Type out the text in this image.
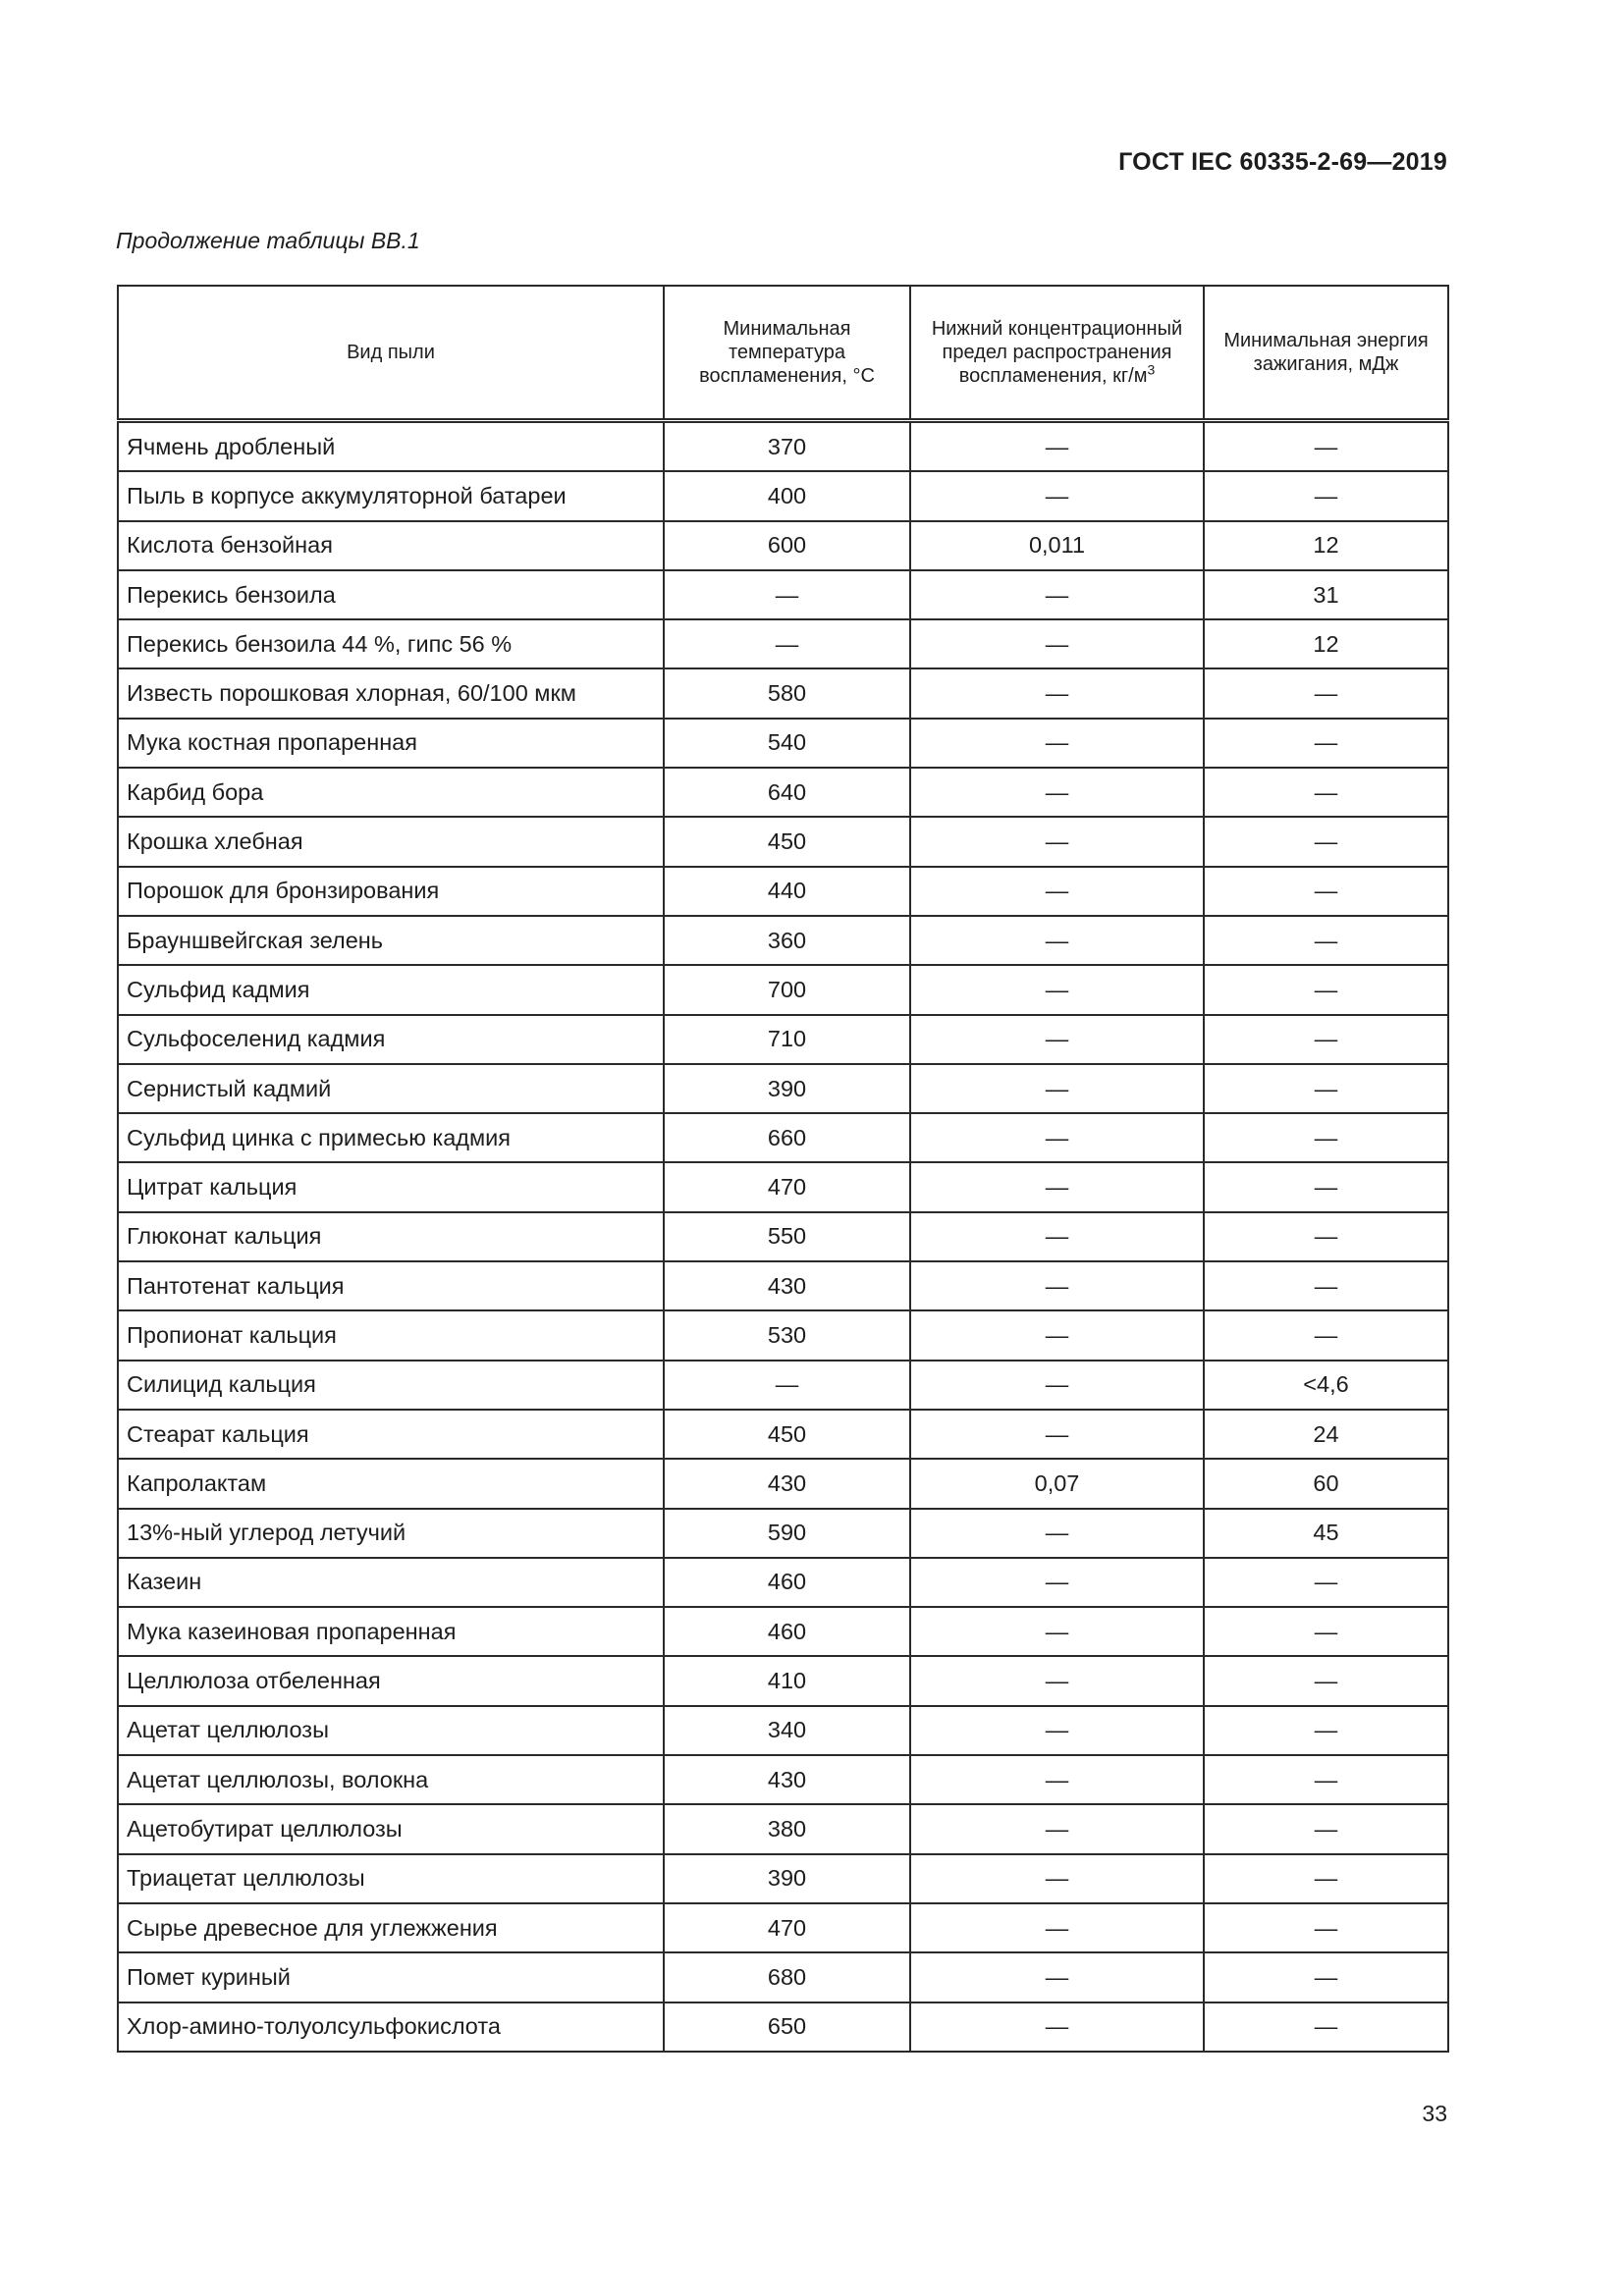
ГОСТ IEC 60335-2-69—2019
Продолжение таблицы ВВ.1
Вид пыли	Минимальная температура воспламенения, °С	Нижний концентрационный предел распространения воспламенения, $кг/м^3$	Минимальная энергия зажигания, мДж
Ячмень дробленый	370	—	—
Пыль в корпусе аккумуляторной батареи	400	—	—
Кислота бензойная	600	0,011	12
Перекись бензоила	—	—	31
Перекись бензоила 44 %, гипс 56 %	—	—	12
Известь порошковая хлорная, 60/100 мкм	580	—	—
Мука костная пропаренная	540	—	—
Карбид бора	640	—	—
Крошка хлебная	450	—	—
Порошок для бронзирования	440	—	—
Брауншвейгская зелень	360	—	—
Сульфид кадмия	700	—	—
Сульфоселенид кадмия	710	—	—
Сернистый кадмий	390	—	—
Сульфид цинка с примесью кадмия	660	—	—
Цитрат кальция	470	—	—
Глюконат кальция	550	—	—
Пантотенат кальция	430	—	—
Пропионат кальция	530	—	—
Силицид кальция	—	—	<4,6
Стеарат кальция	450	—	24
Капролактам	430	0,07	60
13%-ный углерод летучий	590	—	45
Казеин	460	—	—
Мука казеиновая пропаренная	460	—	—
Целлюлоза отбеленная	410	—	—
Ацетат целлюлозы	340	—	—
Ацетат целлюлозы, волокна	430	—	—
Ацетобутират целлюлозы	380	—	—
Триацетат целлюлозы	390	—	—
Сырье древесное для углежжения	470	—	—
Помет куриный	680	—	—
Хлор-амино-толуолсульфокислота	650	—	—
33
